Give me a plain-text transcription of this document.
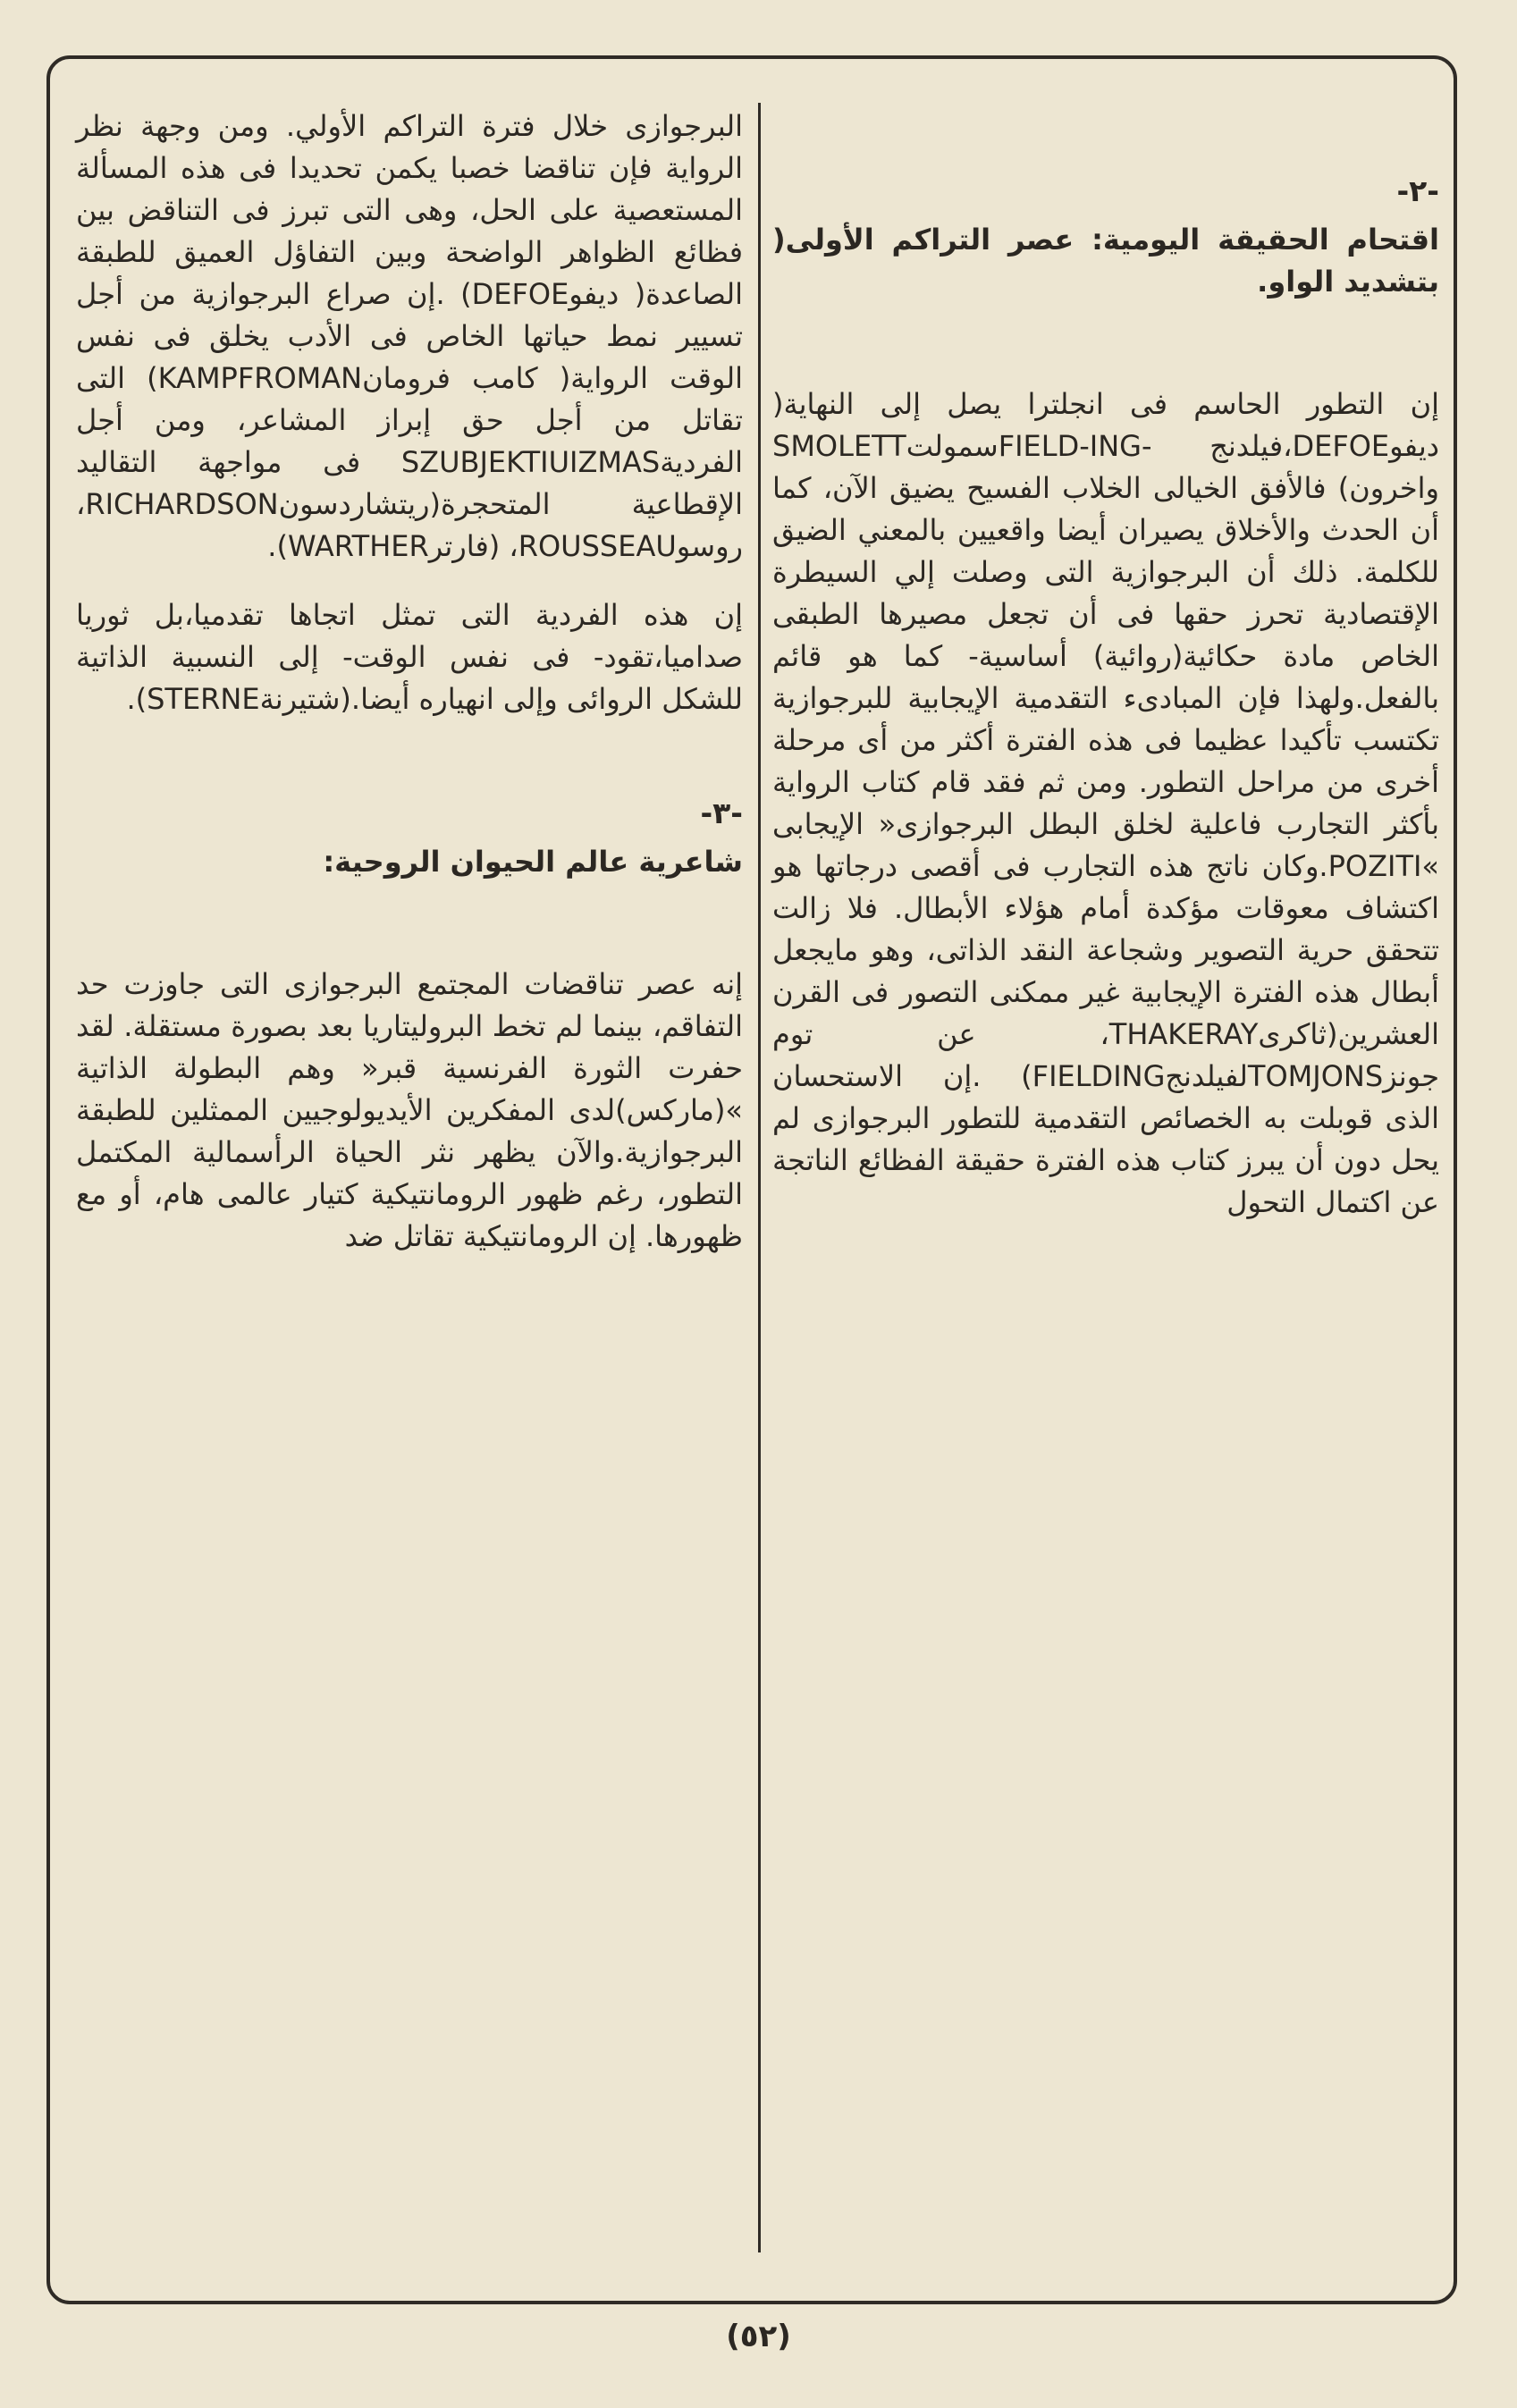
-٢-

اقتحام الحقيقة اليومية: عصر التراكم الأولى( بتشديد الواو.

إن التطور الحاسم فى انجلترا يصل إلى النهاية( ديفوDEFOE،فيلدنج -FIELD-INGسمولتSMOLETT واخرون) فالأفق الخيالى الخلاب الفسيح يضيق الآن، كما أن الحدث والأخلاق يصيران أيضا واقعيين بالمعني الضيق للكلمة. ذلك أن البرجوازية التى وصلت إلي السيطرة الإقتصادية تحرز حقها فى أن تجعل مصيرها الطبقى الخاص مادة حكائية(روائية) أساسية- كما هو قائم بالفعل.ولهذا فإن المبادىء التقدمية الإيجابية للبرجوازية تكتسب تأكيدا عظيما فى هذه الفترة أكثر من أى مرحلة أخرى من مراحل التطور. ومن ثم فقد قام كتاب الرواية بأكثر التجارب فاعلية لخلق البطل البرجوازى« الإيجابى »POZITI.وكان ناتج هذه التجارب فى أقصى درجاتها هو اكتشاف معوقات مؤكدة أمام هؤلاء الأبطال. فلا زالت تتحقق حرية التصوير وشجاعة النقد الذاتى، وهو مايجعل أبطال هذه الفترة الإيجابية غير ممكنى التصور فى القرن العشرين(ثاكرىTHAKERAY، عن توم جونزTOMJONSلفيلدنجFIELDING) .إن الاستحسان الذى قوبلت به الخصائص التقدمية للتطور البرجوازى لم يحل دون أن يبرز كتاب هذه الفترة حقيقة الفظائع الناتجة عن اكتمال التحول

البرجوازى خلال فترة التراكم الأولي. ومن وجهة نظر الرواية فإن تناقضا خصبا يكمن تحديدا فى هذه المسألة المستعصية على الحل، وهى التى تبرز فى التناقض بين فظائع الظواهر الواضحة وبين التفاؤل العميق للطبقة الصاعدة( ديفوDEFOE) .إن صراع البرجوازية من أجل تسيير نمط حياتها الخاص فى الأدب يخلق فى نفس الوقت الرواية( كامب فرومانKAMPFROMAN) التى تقاتل من أجل حق إبراز المشاعر، ومن أجل الفرديةSZUBJEKTIUIZMAS فى مواجهة التقاليد الإقطاعية المتحجرة(ريتشاردسونRICHARDSON، روسوROUSSEAU، (فارترWARTHER).

إن هذه الفردية التى تمثل اتجاها تقدميا،بل ثوريا صداميا،تقود- فى نفس الوقت- إلى النسبية الذاتية للشكل الروائى وإلى انهياره أيضا.(شتيرنةSTERNE).

-٣-

شاعرية عالم الحيوان الروحية:

إنه عصر تناقضات المجتمع البرجوازى التى جاوزت حد التفاقم، بينما لم تخط البروليتاريا بعد بصورة مستقلة. لقد حفرت الثورة الفرنسية قبر« وهم البطولة الذاتية »(ماركس)لدى المفكرين الأيديولوجيين الممثلين للطبقة البرجوازية.والآن يظهر نثر الحياة الرأسمالية المكتمل التطور، رغم ظهور الرومانتيكية كتيار عالمى هام، أو مع ظهورها. إن الرومانتيكية تقاتل ضد

(٥٢)
